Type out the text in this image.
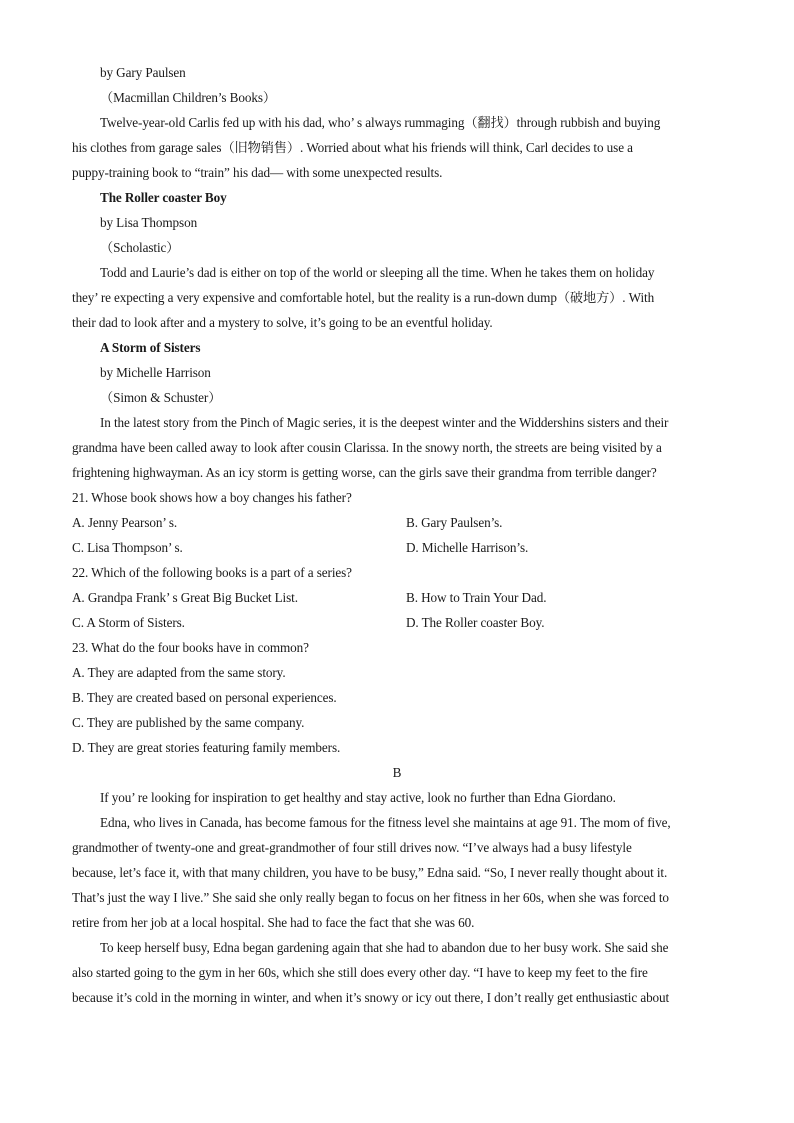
by Gary Paulsen
（Macmillan Children’s Books）
Twelve-year-old Carlis fed up with his dad, who’ s always rummaging（翻找）through rubbish and buying
his clothes from garage sales（旧物销售）. Worried about what his friends will think, Carl decides to use a
puppy-training book to “train” his dad— with some unexpected results.
The Roller coaster Boy
by Lisa Thompson
（Scholastic）
Todd and Laurie’s dad is either on top of the world or sleeping all the time. When he takes them on holiday
they’ re expecting a very expensive and comfortable hotel, but the reality is a run-down dump（破地方）. With
their dad to look after and a mystery to solve, it’s going to be an eventful holiday.
A Storm of Sisters
by Michelle Harrison
（Simon & Schuster）
In the latest story from the Pinch of Magic series, it is the deepest winter and the Widdershins sisters and their
grandma have been called away to look after cousin Clarissa. In the snowy north, the streets are being visited by a
frightening highwayman. As an icy storm is getting worse, can the girls save their grandma from terrible danger?
21. Whose book shows how a boy changes his father?
A. Jenny Pearson’ s.	B. Gary Paulsen’s.
C. Lisa Thompson’ s.	D. Michelle Harrison’s.
22. Which of the following books is a part of a series?
A. Grandpa Frank’ s Great Big Bucket List.	B. How to Train Your Dad.
C. A Storm of Sisters.	D. The Roller coaster Boy.
23. What do the four books have in common?
A. They are adapted from the same story.
B. They are created based on personal experiences.
C. They are published by the same company.
D. They are great stories featuring family members.
B
If you’ re looking for inspiration to get healthy and stay active, look no further than Edna Giordano.
Edna, who lives in Canada, has become famous for the fitness level she maintains at age 91. The mom of five,
grandmother of twenty-one and great-grandmother of four still drives now. “I’ve always had a busy lifestyle
because, let’s face it, with that many children, you have to be busy,” Edna said. “So, I never really thought about it.
That’s just the way I live.” She said she only really began to focus on her fitness in her 60s, when she was forced to
retire from her job at a local hospital. She had to face the fact that she was 60.
To keep herself busy, Edna began gardening again that she had to abandon due to her busy work. She said she
also started going to the gym in her 60s, which she still does every other day. “I have to keep my feet to the fire
because it’s cold in the morning in winter, and when it’s snowy or icy out there, I don’t really get enthusiastic about
